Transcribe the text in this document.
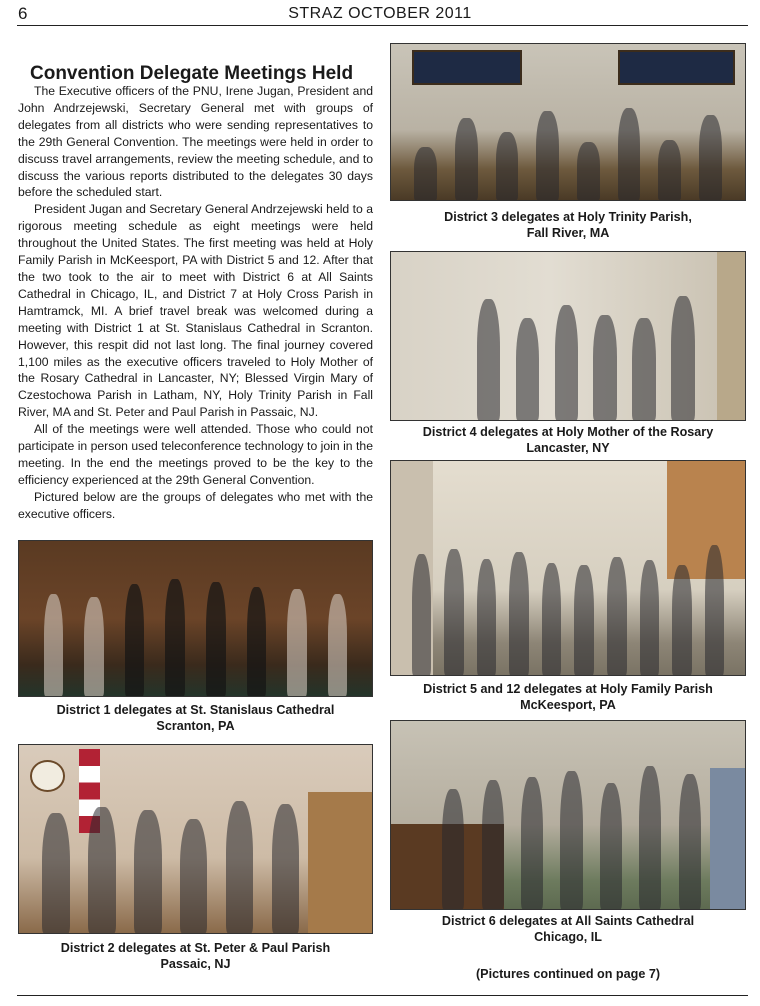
6	STRAZ OCTOBER 2011
Convention Delegate Meetings Held

The Executive officers of the PNU, Irene Jugan, President and John Andrzejewski, Secretary General met with groups of delegates from all districts who were sending representatives to the 29th General Convention. The meetings were held in order to discuss travel arrangements, review the meeting schedule, and to discuss the various reports distributed to the delegates 30 days before the scheduled start.

President Jugan and Secretary General Andrzejewski held to a rigorous meeting schedule as eight meetings were held throughout the United States. The first meeting was held at Holy Family Parish in McKeesport, PA with District 5 and 12. After that the two took to the air to meet with District 6 at All Saints Cathedral in Chicago, IL, and District 7 at Holy Cross Parish in Hamtramck, MI. A brief travel break was welcomed during a meeting with District 1 at St. Stanislaus Cathedral in Scranton. However, this respit did not last long. The final journey covered 1,100 miles as the executive officers traveled to Holy Mother of the Rosary Cathedral in Lancaster, NY; Blessed Virgin Mary of Czestochowa Parish in Latham, NY, Holy Trinity Parish in Fall River, MA and St. Peter and Paul Parish in Passaic, NJ.

All of the meetings were well attended. Those who could not participate in person used teleconference technology to join in the meeting. In the end the meetings proved to be the key to the efficiency experienced at the 29th General Convention.

Pictured below are the groups of delegates who met with the executive officers.

District 3 delegates at Holy Trinity Parish,
Fall River, MA
District 4 delegates at Holy Mother of the Rosary
Lancaster, NY
District 5 and 12 delegates at Holy Family Parish
McKeesport, PA
District 1 delegates at St. Stanislaus Cathedral
Scranton, PA
District 2 delegates at St. Peter & Paul Parish
Passaic, NJ
District 6 delegates at All Saints Cathedral
Chicago, IL
(Pictures continued on page 7)
